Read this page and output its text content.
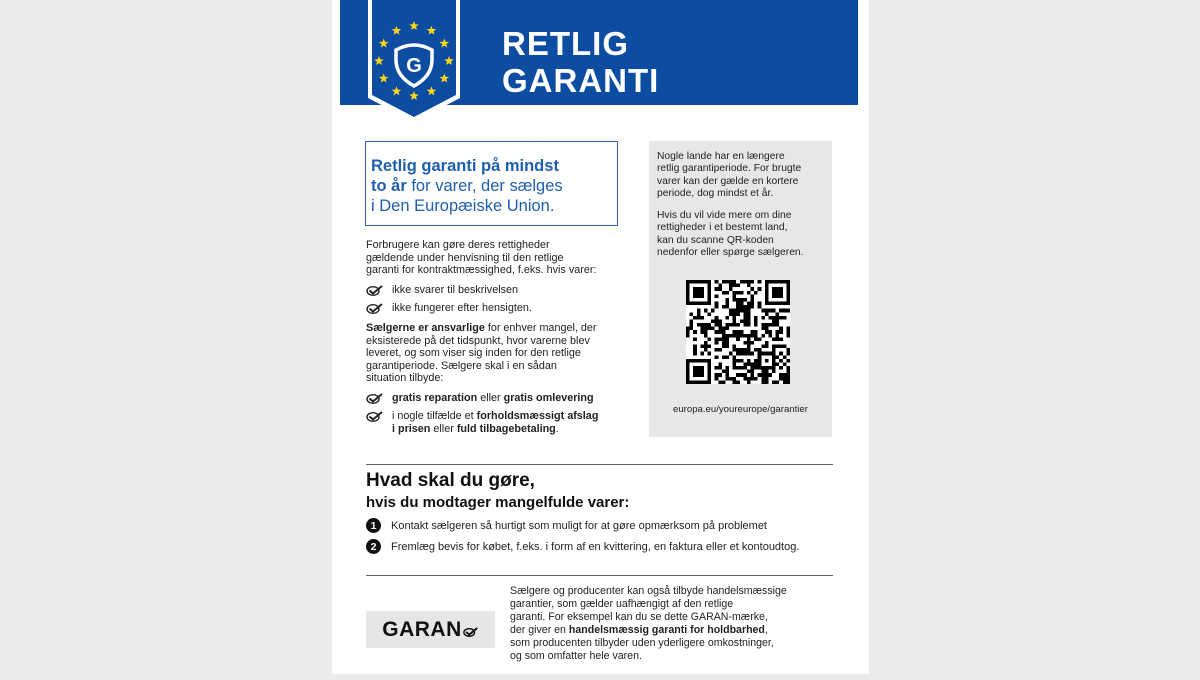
G
RETLIG
GARANTI
Retlig garanti på mindst
to år for varer, der sælges
i Den Europæiske Union.
Forbrugere kan gøre deres rettigheder
gældende under henvisning til den retlige
garanti for kontraktmæssighed, f.eks. hvis varer:
ikke svarer til beskrivelsen
ikke fungerer efter hensigten.
Sælgerne er ansvarlige for enhver mangel, der
eksisterede på det tidspunkt, hvor varerne blev
leveret, og som viser sig inden for den retlige
garantiperiode. Sælgere skal i en sådan
situation tilbyde:
gratis reparation eller gratis omlevering
i nogle tilfælde et forholdsmæssigt afslag
i prisen eller fuld tilbagebetaling.
Nogle lande har en længere
retlig garantiperiode. For brugte
varer kan der gælde en kortere
periode, dog mindst et år.
Hvis du vil vide mere om dine
rettigheder i et bestemt land,
kan du scanne QR-koden
nedenfor eller spørge sælgeren.
europa.eu/youreurope/garantier
Hvad skal du gøre,
hvis du modtager mangelfulde varer:
1	Kontakt sælgeren så hurtigt som muligt for at gøre opmærksom på problemet
2	Fremlæg bevis for købet, f.eks. i form af en kvittering, en faktura eller et kontoudtog.
GARAN
Sælgere og producenter kan også tilbyde handelsmæssige
garantier, som gælder uafhængigt af den retlige
garanti. For eksempel kan du se dette GARAN-mærke,
der giver en handelsmæssig garanti for holdbarhed,
som producenten tilbyder uden yderligere omkostninger,
og som omfatter hele varen.
